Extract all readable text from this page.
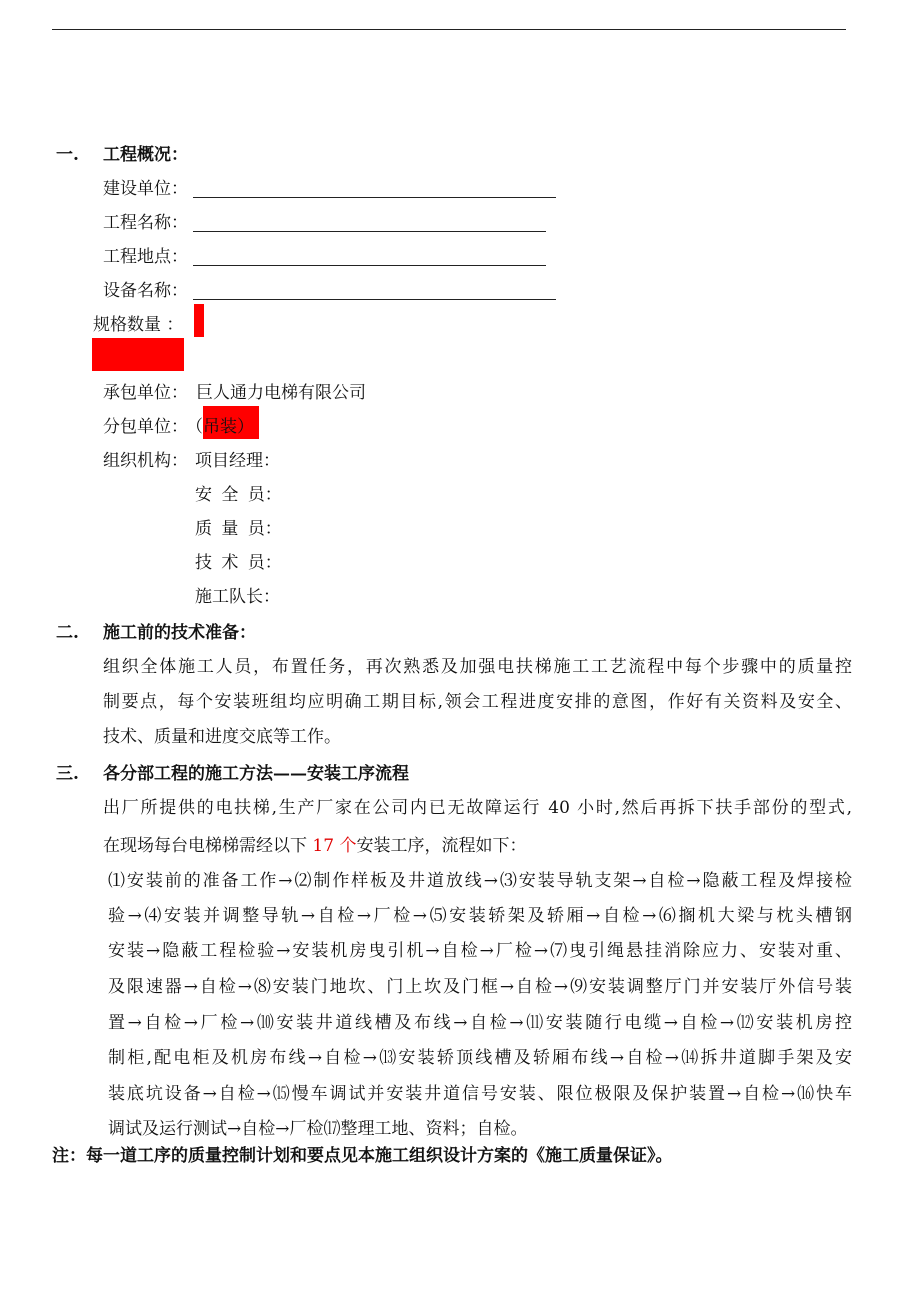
一. 工程概况：
建设单位：
工程名称：
工程地点：
设备名称：
规格数量 ：
承包单位： 巨人通力电梯有限公司
分包单位：
（吊装）
组织机构： 项目经理：
安 全 员：
质 量 员：
技 术 员：
施工队长：
二. 施工前的技术准备：
组织全体施工人员，布置任务，再次熟悉及加强电扶梯施工工艺流程中每个步骤中的质量控
制要点，每个安装班组均应明确工期目标,领会工程进度安排的意图，作好有关资料及安全、
技术、质量和进度交底等工作。
三. 各分部工程的施工方法——安装工序流程
出厂所提供的电扶梯,生产厂家在公司内已无故障运行 40 小时,然后再拆下扶手部份的型式,
在现场每台电梯梯需经以下 17 个安装工序，流程如下：
⑴安装前的准备工作→⑵制作样板及井道放线→⑶安装导轨支架→自检→隐蔽工程及焊接检
验→⑷安装并调整导轨→自检→厂检→⑸安装轿架及轿厢→自检→⑹搁机大梁与枕头槽钢
安装→隐蔽工程检验→安装机房曳引机→自检→厂检→⑺曳引绳悬挂消除应力、安装对重、
及限速器→自检→⑻安装门地坎、门上坎及门框→自检→⑼安装调整厅门并安装厅外信号装
置→自检→厂检→⑽安装井道线槽及布线→自检→⑾安装随行电缆→自检→⑿安装机房控
制柜,配电柜及机房布线→自检→⒀安装轿顶线槽及轿厢布线→自检→⒁拆井道脚手架及安
装底坑设备→自检→⒂慢车调试并安装井道信号安装、限位极限及保护装置→自检→⒃快车
调试及运行测试→自检→厂检⒄整理工地、资料；自检。
注：每一道工序的质量控制计划和要点见本施工组织设计方案的《施工质量保证》。
